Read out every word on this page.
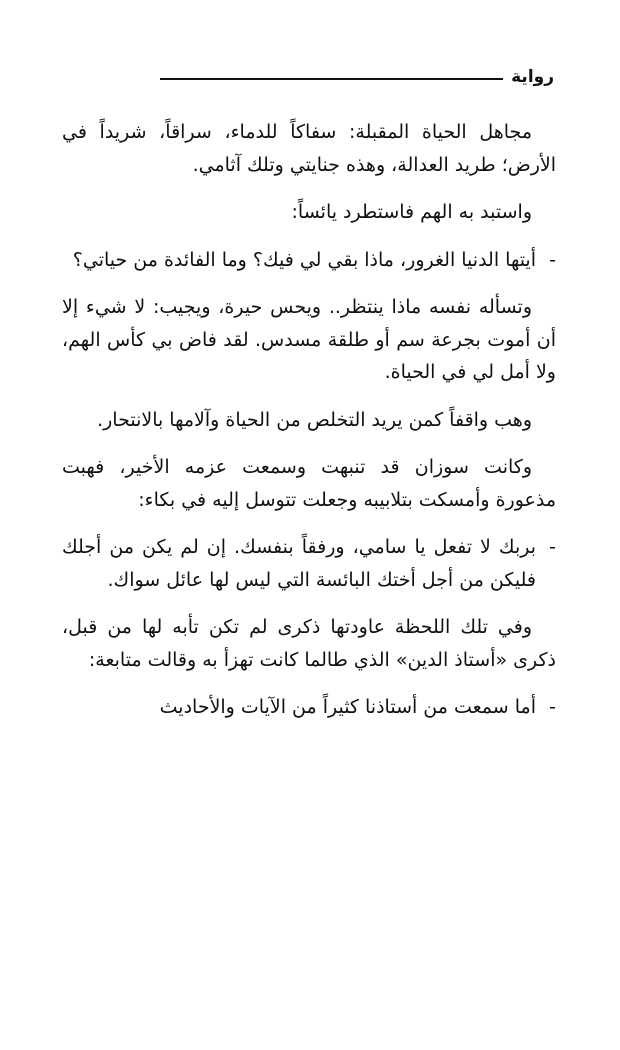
رواية

مجاهل الحياة المقبلة: سفاكاً للدماء، سراقاً، شريداً في الأرض؛ طريد العدالة، وهذه جنايتي وتلك آثامي.

واستبد به الهم فاستطرد يائساً:

-

أيتها الدنيا الغرور، ماذا بقي لي فيك؟ وما الفائدة من حياتي؟

وتسأله نفسه ماذا ينتظر.. ويحس حيرة، ويجيب: لا شيء إلا أن أموت بجرعة سم أو طلقة مسدس. لقد فاض بي كأس الهم، ولا أمل لي في الحياة.

وهب واقفاً كمن يريد التخلص من الحياة وآلامها بالانتحار.

وكانت سوزان قد تنبهت وسمعت عزمه الأخير، فهبت مذعورة وأمسكت بتلابيبه وجعلت تتوسل إليه في بكاء:

-

بربك لا تفعل يا سامي، ورفقاً بنفسك. إن لم يكن من أجلك فليكن من أجل أختك البائسة التي ليس لها عائل سواك.

وفي تلك اللحظة عاودتها ذكرى لم تكن تأبه لها من قبل، ذكرى «أستاذ الدين» الذي طالما كانت تهزأ به وقالت متابعة:

-

أما سمعت من أستاذنا كثيراً من الآيات والأحاديث
